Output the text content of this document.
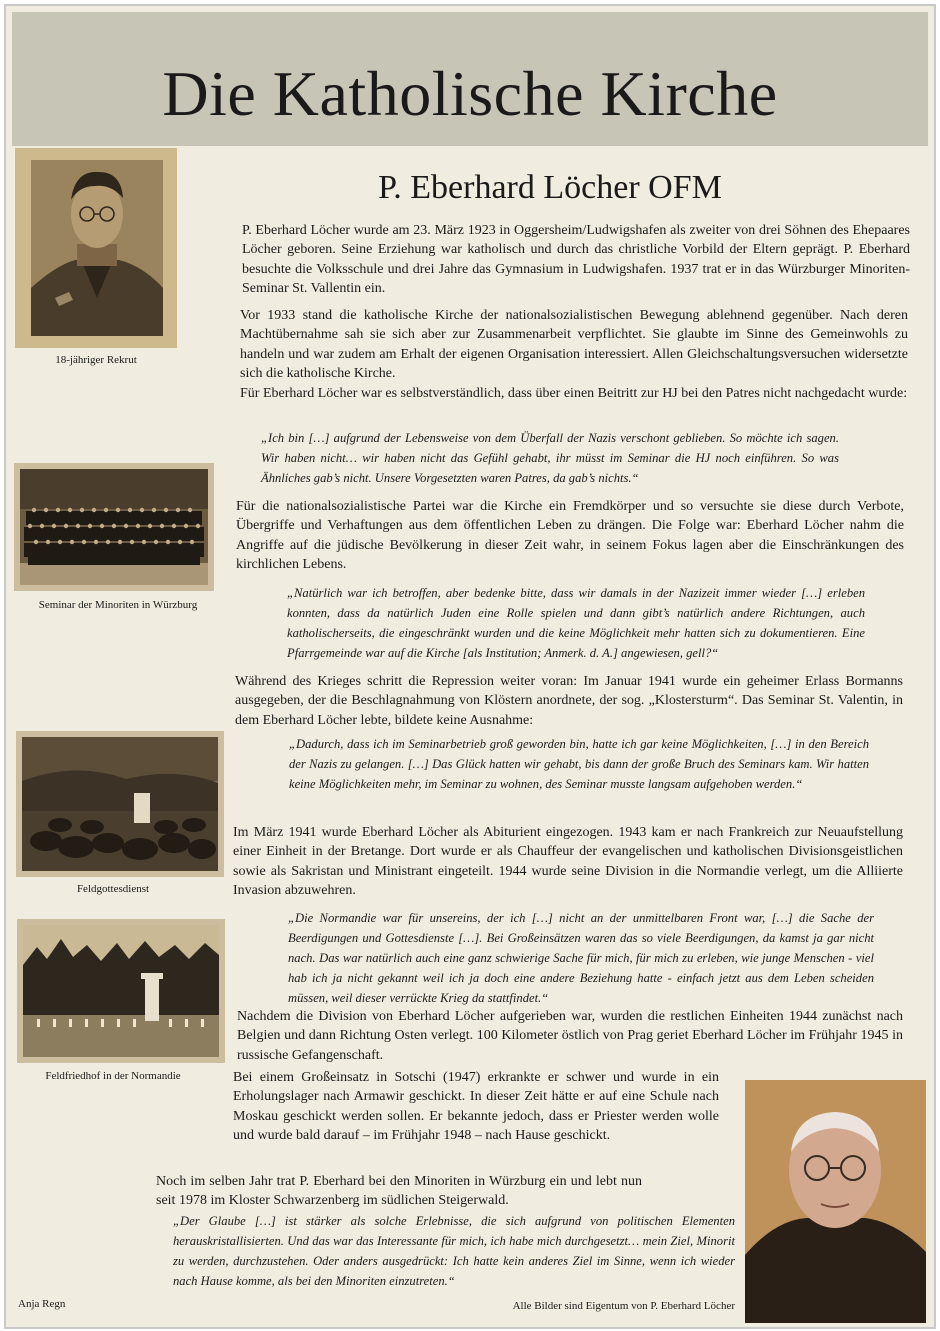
Die Katholische Kirche
P. Eberhard Löcher OFM
18-jähriger Rekrut
Seminar der Minoriten in Würzburg
Feldgottesdienst
Feldfriedhof in der Normandie

P. Eberhard Löcher wurde am 23. März 1923 in Oggersheim/Ludwigshafen als zweiter von drei Söhnen des Ehepaares Löcher geboren. Seine Erziehung war katholisch und durch das christliche Vorbild der Eltern geprägt. P. Eberhard besuchte die Volksschule und drei Jahre das Gymnasium in Ludwigshafen. 1937 trat er in das Würzburger Minoriten-Seminar St. Vallentin ein.

Vor 1933 stand die katholische Kirche der nationalsozialistischen Bewegung ablehnend gegenüber. Nach deren Machtübernahme sah sie sich aber zur Zusammenarbeit verpflichtet. Sie glaubte im Sinne des Gemeinwohls zu handeln und war zudem am Erhalt der eigenen Organisation interessiert. Allen Gleichschaltungsversuchen widersetzte sich die katholische Kirche.

Für Eberhard Löcher war es selbstverständlich, dass über einen Beitritt zur HJ bei den Patres nicht nachgedacht wurde:

„Ich bin […] aufgrund der Lebensweise von dem Überfall der Nazis verschont geblieben. So möchte ich sagen. Wir haben nicht… wir haben nicht das Gefühl gehabt, ihr müsst im Seminar die HJ noch einführen. So was Ähnliches gab’s nicht. Unsere Vorgesetzten waren Patres, da gab’s nichts.“

Für die nationalsozialistische Partei war die Kirche ein Fremdkörper und so versuchte sie diese durch Verbote, Übergriffe und Verhaftungen aus dem öffentlichen Leben zu drängen. Die Folge war: Eberhard Löcher nahm die Angriffe auf die jüdische Bevölkerung in dieser Zeit wahr, in seinem Fokus lagen aber die Einschränkungen des kirchlichen Lebens.

„Natürlich war ich betroffen, aber bedenke bitte, dass wir damals in der Nazizeit immer wieder […] erleben konnten, dass da natürlich Juden eine Rolle spielen und dann gibt’s natürlich andere Richtungen, auch katholischerseits, die eingeschränkt wurden und die keine Möglichkeit mehr hatten sich zu dokumentieren. Eine Pfarrgemeinde war auf die Kirche [als Institution; Anmerk. d. A.] angewiesen, gell?“

Während des Krieges schritt die Repression weiter voran: Im Januar 1941 wurde ein geheimer Erlass Bormanns ausgegeben, der die Beschlagnahmung von Klöstern anordnete, der sog. „Klostersturm“. Das Seminar St. Valentin, in dem Eberhard Löcher lebte, bildete keine Ausnahme:

„Dadurch, dass ich im Seminarbetrieb groß geworden bin, hatte ich gar keine Möglichkeiten, […] in den Bereich der Nazis zu gelangen. […] Das Glück hatten wir gehabt, bis dann der große Bruch des Seminars kam. Wir hatten keine Möglichkeiten mehr, im Seminar zu wohnen, des Seminar musste langsam aufgehoben werden.“

Im März 1941 wurde Eberhard Löcher als Abiturient eingezogen. 1943 kam er nach Frankreich zur Neuaufstellung einer Einheit in der Bretange. Dort wurde er als Chauffeur der evangelischen und katholischen Divisionsgeistlichen sowie als Sakristan und Ministrant eingeteilt. 1944 wurde seine Division in die Normandie verlegt, um die Alliierte Invasion abzuwehren.

„Die Normandie war für unsereins, der ich […] nicht an der unmittelbaren Front war, […] die Sache der Beerdigungen und Gottesdienste […]. Bei Großeinsätzen waren das so viele Beerdigungen, da kamst ja gar nicht nach. Das war natürlich auch eine ganz schwierige Sache für mich, für mich zu erleben, wie junge Menschen - viel hab ich ja nicht gekannt weil ich ja doch eine andere Beziehung hatte - einfach jetzt aus dem Leben scheiden müssen, weil dieser verrückte Krieg da stattfindet.“

Nachdem die Division von Eberhard Löcher aufgerieben war, wurden die restlichen Einheiten 1944 zunächst nach Belgien und dann Richtung Osten verlegt. 100 Kilometer östlich von Prag geriet Eberhard Löcher im Frühjahr 1945 in russische Gefangenschaft.

Bei einem Großeinsatz in Sotschi (1947) erkrankte er schwer und wurde in ein Erholungslager nach Armawir geschickt. In dieser Zeit hätte er auf eine Schule nach Moskau geschickt werden sollen. Er bekannte jedoch, dass er Priester werden wolle und wurde bald darauf – im Frühjahr 1948 – nach Hause geschickt.

Noch im selben Jahr trat P. Eberhard bei den Minoriten in Würzburg ein und lebt nun seit 1978 im Kloster Schwarzenberg im südlichen Steigerwald.

„Der Glaube […] ist stärker als solche Erlebnisse, die sich aufgrund von politischen Elementen herauskristallisierten. Und das war das Interessante für mich, ich habe mich durchgesetzt… mein Ziel, Minorit zu werden, durchzustehen. Oder anders ausgedrückt: Ich hatte kein anderes Ziel im Sinne, wenn ich wieder nach Hause komme, als bei den Minoriten einzutreten.“

Anja Regn	Alle Bilder sind Eigentum von P. Eberhard Löcher
